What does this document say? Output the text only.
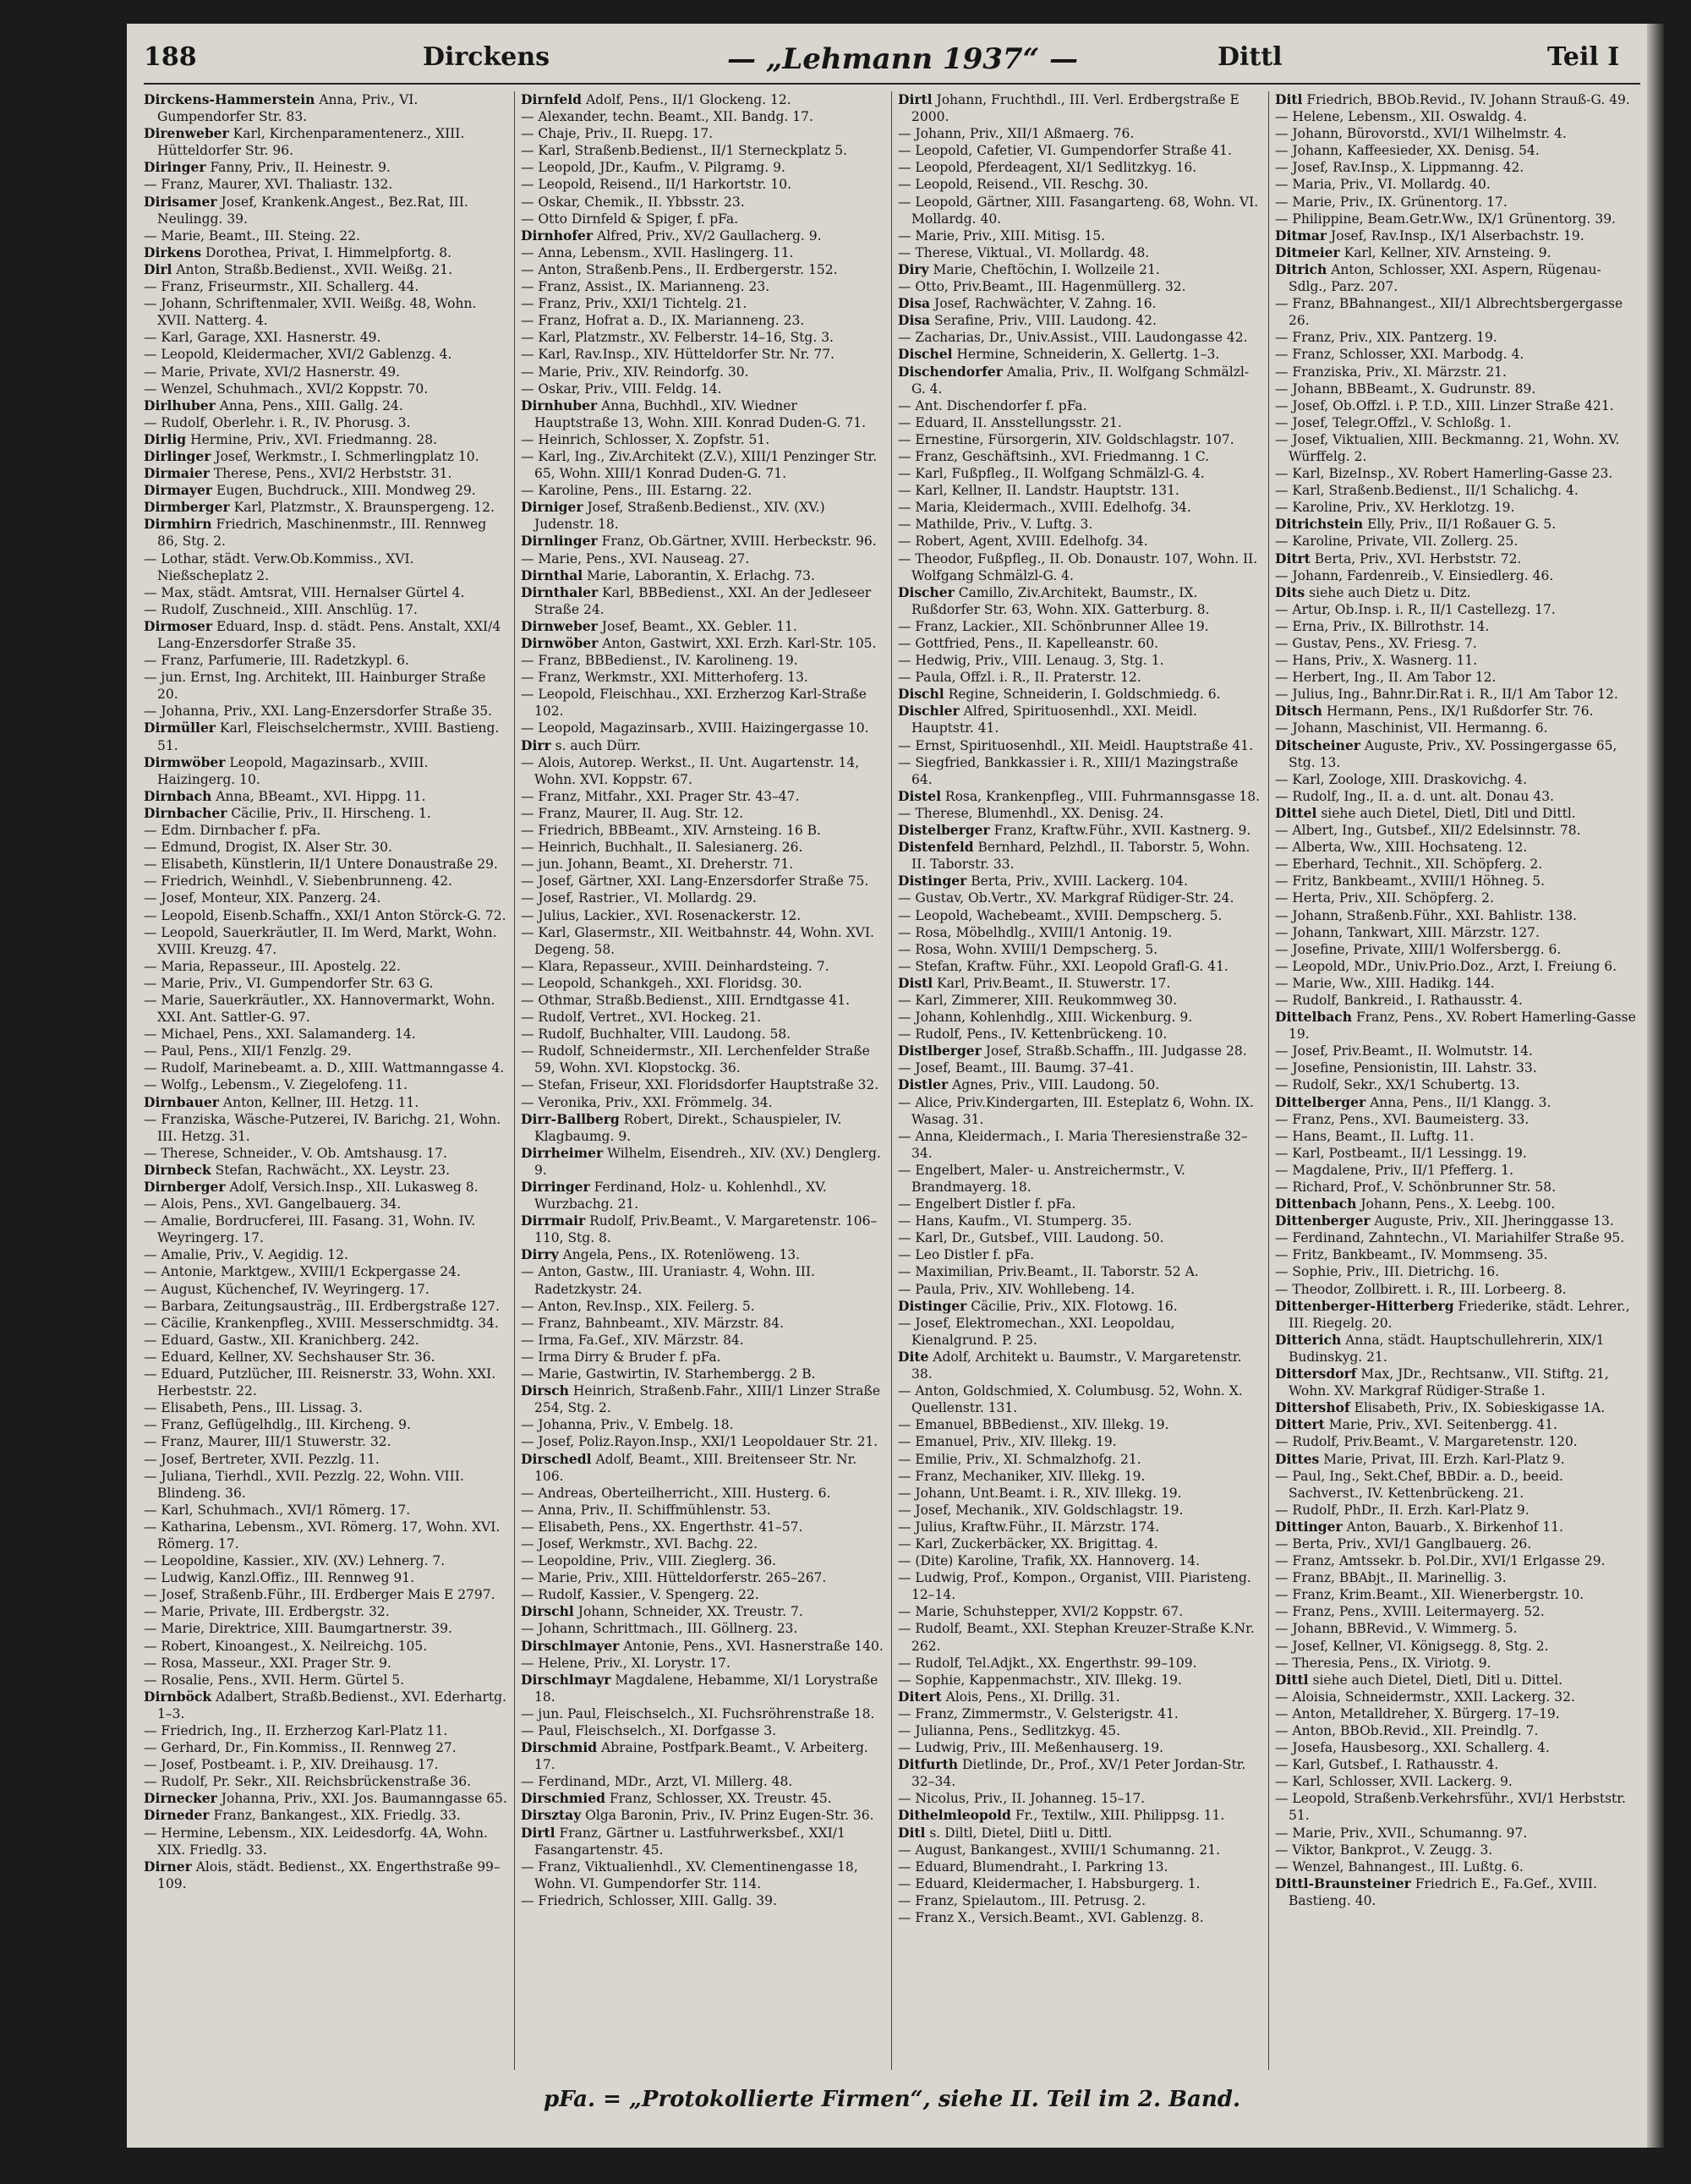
188	Dirckens	— „Lehmann 1937“ —	Dittl	Teil I

Dirckens-Hammerstein Anna, Priv., VI. Gumpendorfer Str. 83.

Direnweber Karl, Kirchenparamentenerz., XIII. Hütteldorfer Str. 96.

Diringer Fanny, Priv., II. Heinestr. 9.

— Franz, Maurer, XVI. Thaliastr. 132.

Dirisamer Josef, Krankenk.Angest., Bez.Rat, III. Neulingg. 39.

— Marie, Beamt., III. Steing. 22.

Dirkens Dorothea, Privat, I. Himmelpfortg. 8.

Dirl Anton, Straßb.Bedienst., XVII. Weißg. 21.

— Franz, Friseurmstr., XII. Schallerg. 44.

— Johann, Schriftenmaler, XVII. Weißg. 48, Wohn. XVII. Natterg. 4.

— Karl, Garage, XXI. Hasnerstr. 49.

— Leopold, Kleidermacher, XVI/2 Gablenzg. 4.

— Marie, Private, XVI/2 Hasnerstr. 49.

— Wenzel, Schuhmach., XVI/2 Koppstr. 70.

Dirlhuber Anna, Pens., XIII. Gallg. 24.

— Rudolf, Oberlehr. i. R., IV. Phorusg. 3.

Dirlig Hermine, Priv., XVI. Friedmanng. 28.

Dirlinger Josef, Werkmstr., I. Schmerlingplatz 10.

Dirmaier Therese, Pens., XVI/2 Herbststr. 31.

Dirmayer Eugen, Buchdruck., XIII. Mondweg 29.

Dirmberger Karl, Platzmstr., X. Braunspergeng. 12.

Dirmhirn Friedrich, Maschinenmstr., III. Rennweg 86, Stg. 2.

— Lothar, städt. Verw.Ob.Kommiss., XVI. Nießscheplatz 2.

— Max, städt. Amtsrat, VIII. Hernalser Gürtel 4.

— Rudolf, Zuschneid., XIII. Anschlüg. 17.

Dirmoser Eduard, Insp. d. städt. Pens. Anstalt, XXI/4 Lang-Enzersdorfer Straße 35.

— Franz, Parfumerie, III. Radetzkypl. 6.

— jun. Ernst, Ing. Architekt, III. Hainburger Straße 20.

— Johanna, Priv., XXI. Lang-Enzersdorfer Straße 35.

Dirmüller Karl, Fleischselchermstr., XVIII. Bastieng. 51.

Dirmwöber Leopold, Magazinsarb., XVIII. Haizingerg. 10.

Dirnbach Anna, BBeamt., XVI. Hippg. 11.

Dirnbacher Cäcilie, Priv., II. Hirscheng. 1.

— Edm. Dirnbacher f. pFa.

— Edmund, Drogist, IX. Alser Str. 30.

— Elisabeth, Künstlerin, II/1 Untere Donaustraße 29.

— Friedrich, Weinhdl., V. Siebenbrunneng. 42.

— Josef, Monteur, XIX. Panzerg. 24.

— Leopold, Eisenb.Schaffn., XXI/1 Anton Störck-G. 72.

— Leopold, Sauerkräutler, II. Im Werd, Markt, Wohn. XVIII. Kreuzg. 47.

— Maria, Repasseur., III. Apostelg. 22.

— Marie, Priv., VI. Gumpendorfer Str. 63 G.

— Marie, Sauerkräutler., XX. Hannovermarkt, Wohn. XXI. Ant. Sattler-G. 97.

— Michael, Pens., XXI. Salamanderg. 14.

— Paul, Pens., XII/1 Fenzlg. 29.

— Rudolf, Marinebeamt. a. D., XIII. Wattmanngasse 4.

— Wolfg., Lebensm., V. Ziegelofeng. 11.

Dirnbauer Anton, Kellner, III. Hetzg. 11.

— Franziska, Wäsche-Putzerei, IV. Barichg. 21, Wohn. III. Hetzg. 31.

— Therese, Schneider., V. Ob. Amtshausg. 17.

Dirnbeck Stefan, Rachwächt., XX. Leystr. 23.

Dirnberger Adolf, Versich.Insp., XII. Lukasweg 8.

— Alois, Pens., XVI. Gangelbauerg. 34.

— Amalie, Bordrucferei, III. Fasang. 31, Wohn. IV. Weyringerg. 17.

— Amalie, Priv., V. Aegidig. 12.

— Antonie, Marktgew., XVIII/1 Eckpergasse 24.

— August, Küchenchef, IV. Weyringerg. 17.

— Barbara, Zeitungsausträg., III. Erdbergstraße 127.

— Cäcilie, Krankenpfleg., XVIII. Messerschmidtg. 34.

— Eduard, Gastw., XII. Kranichberg. 242.

— Eduard, Kellner, XV. Sechshauser Str. 36.

— Eduard, Putzlücher, III. Reisnerstr. 33, Wohn. XXI. Herbeststr. 22.

— Elisabeth, Pens., III. Lissag. 3.

— Franz, Geflügelhdlg., III. Kircheng. 9.

— Franz, Maurer, III/1 Stuwerstr. 32.

— Josef, Bertreter, XVII. Pezzlg. 11.

— Juliana, Tierhdl., XVII. Pezzlg. 22, Wohn. VIII. Blindeng. 36.

— Karl, Schuhmach., XVI/1 Römerg. 17.

— Katharina, Lebensm., XVI. Römerg. 17, Wohn. XVI. Römerg. 17.

— Leopoldine, Kassier., XIV. (XV.) Lehnerg. 7.

— Ludwig, Kanzl.Offiz., III. Rennweg 91.

— Josef, Straßenb.Führ., III. Erdberger Mais E 2797.

— Marie, Private, III. Erdbergstr. 32.

— Marie, Direktrice, XIII. Baumgartnerstr. 39.

— Robert, Kinoangest., X. Neilreichg. 105.

— Rosa, Masseur., XXI. Prager Str. 9.

— Rosalie, Pens., XVII. Herm. Gürtel 5.

Dirnböck Adalbert, Straßb.Bedienst., XVI. Ederhartg. 1–3.

— Friedrich, Ing., II. Erzherzog Karl-Platz 11.

— Gerhard, Dr., Fin.Kommiss., II. Rennweg 27.

— Josef, Postbeamt. i. P., XIV. Dreihausg. 17.

— Rudolf, Pr. Sekr., XII. Reichsbrückenstraße 36.

Dirnecker Johanna, Priv., XXI. Jos. Baumanngasse 65.

Dirneder Franz, Bankangest., XIX. Friedlg. 33.

— Hermine, Lebensm., XIX. Leidesdorfg. 4A, Wohn. XIX. Friedlg. 33.

Dirner Alois, städt. Bedienst., XX. Engerthstraße 99–109.

Dirnfeld Adolf, Pens., II/1 Glockeng. 12.

— Alexander, techn. Beamt., XII. Bandg. 17.

— Chaje, Priv., II. Ruepg. 17.

— Karl, Straßenb.Bedienst., II/1 Sterneckplatz 5.

— Leopold, JDr., Kaufm., V. Pilgramg. 9.

— Leopold, Reisend., II/1 Harkortstr. 10.

— Oskar, Chemik., II. Ybbsstr. 23.

— Otto Dirnfeld & Spiger, f. pFa.

Dirnhofer Alfred, Priv., XV/2 Gaullacherg. 9.

— Anna, Lebensm., XVII. Haslingerg. 11.

— Anton, Straßenb.Pens., II. Erdbergerstr. 152.

— Franz, Assist., IX. Marianneng. 23.

— Franz, Priv., XXI/1 Tichtelg. 21.

— Franz, Hofrat a. D., IX. Marianneng. 23.

— Karl, Platzmstr., XV. Felberstr. 14–16, Stg. 3.

— Karl, Rav.Insp., XIV. Hütteldorfer Str. Nr. 77.

— Marie, Priv., XIV. Reindorfg. 30.

— Oskar, Priv., VIII. Feldg. 14.

Dirnhuber Anna, Buchhdl., XIV. Wiedner Hauptstraße 13, Wohn. XIII. Konrad Duden-G. 71.

— Heinrich, Schlosser, X. Zopfstr. 51.

— Karl, Ing., Ziv.Architekt (Z.V.), XIII/1 Penzinger Str. 65, Wohn. XIII/1 Konrad Duden-G. 71.

— Karoline, Pens., III. Estarng. 22.

Dirniger Josef, Straßenb.Bedienst., XIV. (XV.) Judenstr. 18.

Dirnlinger Franz, Ob.Gärtner, XVIII. Herbeckstr. 96.

— Marie, Pens., XVI. Nauseag. 27.

Dirnthal Marie, Laborantin, X. Erlachg. 73.

Dirnthaler Karl, BBBedienst., XXI. An der Jedleseer Straße 24.

Dirnweber Josef, Beamt., XX. Gebler. 11.

Dirnwöber Anton, Gastwirt, XXI. Erzh. Karl-Str. 105.

— Franz, BBBedienst., IV. Karolineng. 19.

— Franz, Werkmstr., XXI. Mitterhoferg. 13.

— Leopold, Fleischhau., XXI. Erzherzog Karl-Straße 102.

— Leopold, Magazinsarb., XVIII. Haizingergasse 10.

Dirr s. auch Dürr.

— Alois, Autorep. Werkst., II. Unt. Augartenstr. 14, Wohn. XVI. Koppstr. 67.

— Franz, Mitfahr., XXI. Prager Str. 43–47.

— Franz, Maurer, II. Aug. Str. 12.

— Friedrich, BBBeamt., XIV. Arnsteing. 16 B.

— Heinrich, Buchhalt., II. Salesianerg. 26.

— jun. Johann, Beamt., XI. Dreherstr. 71.

— Josef, Gärtner, XXI. Lang-Enzersdorfer Straße 75.

— Josef, Rastrier., VI. Mollardg. 29.

— Julius, Lackier., XVI. Rosenackerstr. 12.

— Karl, Glasermstr., XII. Weitbahnstr. 44, Wohn. XVI. Degeng. 58.

— Klara, Repasseur., XVIII. Deinhardsteing. 7.

— Leopold, Schankgeh., XXI. Floridsg. 30.

— Othmar, Straßb.Bedienst., XIII. Erndtgasse 41.

— Rudolf, Vertret., XVI. Hockeg. 21.

— Rudolf, Buchhalter, VIII. Laudong. 58.

— Rudolf, Schneidermstr., XII. Lerchenfelder Straße 59, Wohn. XVI. Klopstockg. 36.

— Stefan, Friseur, XXI. Floridsdorfer Hauptstraße 32.

— Veronika, Priv., XXI. Frömmelg. 34.

Dirr-Ballberg Robert, Direkt., Schauspieler, IV. Klagbaumg. 9.

Dirrheimer Wilhelm, Eisendreh., XIV. (XV.) Denglerg. 9.

Dirringer Ferdinand, Holz- u. Kohlenhdl., XV. Wurzbachg. 21.

Dirrmair Rudolf, Priv.Beamt., V. Margaretenstr. 106–110, Stg. 8.

Dirry Angela, Pens., IX. Rotenlöweng. 13.

— Anton, Gastw., III. Uraniastr. 4, Wohn. III. Radetzkystr. 24.

— Anton, Rev.Insp., XIX. Feilerg. 5.

— Franz, Bahnbeamt., XIV. Märzstr. 84.

— Irma, Fa.Gef., XIV. Märzstr. 84.

— Irma Dirry & Bruder f. pFa.

— Marie, Gastwirtin, IV. Starhembergg. 2 B.

Dirsch Heinrich, Straßenb.Fahr., XIII/1 Linzer Straße 254, Stg. 2.

— Johanna, Priv., V. Embelg. 18.

— Josef, Poliz.Rayon.Insp., XXI/1 Leopoldauer Str. 21.

Dirschedl Adolf, Beamt., XIII. Breitenseer Str. Nr. 106.

— Andreas, Oberteilherricht., XIII. Husterg. 6.

— Anna, Priv., II. Schiffmühlenstr. 53.

— Elisabeth, Pens., XX. Engerthstr. 41–57.

— Josef, Werkmstr., XVI. Bachg. 22.

— Leopoldine, Priv., VIII. Zieglerg. 36.

— Marie, Priv., XIII. Hütteldorferstr. 265–267.

— Rudolf, Kassier., V. Spengerg. 22.

Dirschl Johann, Schneider, XX. Treustr. 7.

— Johann, Schrittmach., III. Göllnerg. 23.

Dirschlmayer Antonie, Pens., XVI. Hasnerstraße 140.

— Helene, Priv., XI. Lorystr. 17.

Dirschlmayr Magdalene, Hebamme, XI/1 Lorystraße 18.

— jun. Paul, Fleischselch., XI. Fuchsröhrenstraße 18.

— Paul, Fleischselch., XI. Dorfgasse 3.

Dirschmid Abraine, Postfpark.Beamt., V. Arbeiterg. 17.

— Ferdinand, MDr., Arzt, VI. Millerg. 48.

Dirschmied Franz, Schlosser, XX. Treustr. 45.

Dirsztay Olga Baronin, Priv., IV. Prinz Eugen-Str. 36.

Dirtl Franz, Gärtner u. Lastfuhrwerksbef., XXI/1 Fasangartenstr. 45.

— Franz, Viktualienhdl., XV. Clementinengasse 18, Wohn. VI. Gumpendorfer Str. 114.

— Friedrich, Schlosser, XIII. Gallg. 39.

Dirtl Johann, Fruchthdl., III. Verl. Erdbergstraße E 2000.

— Johann, Priv., XII/1 Aßmaerg. 76.

— Leopold, Cafetier, VI. Gumpendorfer Straße 41.

— Leopold, Pferdeagent, XI/1 Sedlitzkyg. 16.

— Leopold, Reisend., VII. Reschg. 30.

— Leopold, Gärtner, XIII. Fasangarteng. 68, Wohn. VI. Mollardg. 40.

— Marie, Priv., XIII. Mitisg. 15.

— Therese, Viktual., VI. Mollardg. 48.

Diry Marie, Cheftöchin, I. Wollzeile 21.

— Otto, Priv.Beamt., III. Hagenmüllerg. 32.

Disa Josef, Rachwächter, V. Zahng. 16.

Disa Serafine, Priv., VIII. Laudong. 42.

— Zacharias, Dr., Univ.Assist., VIII. Laudongasse 42.

Dischel Hermine, Schneiderin, X. Gellertg. 1–3.

Dischendorfer Amalia, Priv., II. Wolfgang Schmälzl-G. 4.

— Ant. Dischendorfer f. pFa.

— Eduard, II. Ansstellungsstr. 21.

— Ernestine, Fürsorgerin, XIV. Goldschlagstr. 107.

— Franz, Geschäftsinh., XVI. Friedmanng. 1 C.

— Karl, Fußpfleg., II. Wolfgang Schmälzl-G. 4.

— Karl, Kellner, II. Landstr. Hauptstr. 131.

— Maria, Kleidermach., XVIII. Edelhofg. 34.

— Mathilde, Priv., V. Luftg. 3.

— Robert, Agent, XVIII. Edelhofg. 34.

— Theodor, Fußpfleg., II. Ob. Donaustr. 107, Wohn. II. Wolfgang Schmälzl-G. 4.

Discher Camillo, Ziv.Architekt, Baumstr., IX. Rußdorfer Str. 63, Wohn. XIX. Gatterburg. 8.

— Franz, Lackier., XII. Schönbrunner Allee 19.

— Gottfried, Pens., II. Kapelleanstr. 60.

— Hedwig, Priv., VIII. Lenaug. 3, Stg. 1.

— Paula, Offzl. i. R., II. Praterstr. 12.

Dischl Regine, Schneiderin, I. Goldschmiedg. 6.

Dischler Alfred, Spirituosenhdl., XXI. Meidl. Hauptstr. 41.

— Ernst, Spirituosenhdl., XII. Meidl. Hauptstraße 41.

— Siegfried, Bankkassier i. R., XIII/1 Mazingstraße 64.

Distel Rosa, Krankenpfleg., VIII. Fuhrmannsgasse 18.

— Therese, Blumenhdl., XX. Denisg. 24.

Distelberger Franz, Kraftw.Führ., XVII. Kastnerg. 9.

Distenfeld Bernhard, Pelzhdl., II. Taborstr. 5, Wohn. II. Taborstr. 33.

Distinger Berta, Priv., XVIII. Lackerg. 104.

— Gustav, Ob.Vertr., XV. Markgraf Rüdiger-Str. 24.

— Leopold, Wachebeamt., XVIII. Dempscherg. 5.

— Rosa, Möbelhdlg., XVIII/1 Antonig. 19.

— Rosa, Wohn. XVIII/1 Dempscherg. 5.

— Stefan, Kraftw. Führ., XXI. Leopold Grafl-G. 41.

Distl Karl, Priv.Beamt., II. Stuwerstr. 17.

— Karl, Zimmerer, XIII. Reukommweg 30.

— Johann, Kohlenhdlg., XIII. Wickenburg. 9.

— Rudolf, Pens., IV. Kettenbrückeng. 10.

Distlberger Josef, Straßb.Schaffn., III. Judgasse 28.

— Josef, Beamt., III. Baumg. 37–41.

Distler Agnes, Priv., VIII. Laudong. 50.

— Alice, Priv.Kindergarten, III. Esteplatz 6, Wohn. IX. Wasag. 31.

— Anna, Kleidermach., I. Maria Theresienstraße 32–34.

— Engelbert, Maler- u. Anstreichermstr., V. Brandmayerg. 18.

— Engelbert Distler f. pFa.

— Hans, Kaufm., VI. Stumperg. 35.

— Karl, Dr., Gutsbef., VIII. Laudong. 50.

— Leo Distler f. pFa.

— Maximilian, Priv.Beamt., II. Taborstr. 52 A.

— Paula, Priv., XIV. Wohllebeng. 14.

Distinger Cäcilie, Priv., XIX. Flotowg. 16.

— Josef, Elektromechan., XXI. Leopoldau, Kienalgrund. P. 25.

Dite Adolf, Architekt u. Baumstr., V. Margaretenstr. 38.

— Anton, Goldschmied, X. Columbusg. 52, Wohn. X. Quellenstr. 131.

— Emanuel, BBBedienst., XIV. Illekg. 19.

— Emanuel, Priv., XIV. Illekg. 19.

— Emilie, Priv., XI. Schmalzhofg. 21.

— Franz, Mechaniker, XIV. Illekg. 19.

— Johann, Unt.Beamt. i. R., XIV. Illekg. 19.

— Josef, Mechanik., XIV. Goldschlagstr. 19.

— Julius, Kraftw.Führ., II. Märzstr. 174.

— Karl, Zuckerbäcker, XX. Brigittag. 4.

— (Dite) Karoline, Trafik, XX. Hannoverg. 14.

— Ludwig, Prof., Kompon., Organist, VIII. Piaristeng. 12–14.

— Marie, Schuhstepper, XVI/2 Koppstr. 67.

— Rudolf, Beamt., XXI. Stephan Kreuzer-Straße K.Nr. 262.

— Rudolf, Tel.Adjkt., XX. Engerthstr. 99–109.

— Sophie, Kappenmachstr., XIV. Illekg. 19.

Ditert Alois, Pens., XI. Drillg. 31.

— Franz, Zimmermstr., V. Gelsterigstr. 41.

— Julianna, Pens., Sedlitzkyg. 45.

— Ludwig, Priv., III. Meßenhauserg. 19.

Ditfurth Dietlinde, Dr., Prof., XV/1 Peter Jordan-Str. 32–34.

— Nicolus, Priv., II. Johanneg. 15–17.

Dithelmleopold Fr., Textilw., XIII. Philippsg. 11.

Ditl s. Diltl, Dietel, Diitl u. Dittl.

— August, Bankangest., XVIII/1 Schumanng. 21.

— Eduard, Blumendraht., I. Parkring 13.

— Eduard, Kleidermacher, I. Habsburgerg. 1.

— Franz, Spielautom., III. Petrusg. 2.

— Franz X., Versich.Beamt., XVI. Gablenzg. 8.

Ditl Friedrich, BBOb.Revid., IV. Johann Strauß-G. 49.

— Helene, Lebensm., XII. Oswaldg. 4.

— Johann, Bürovorstd., XVI/1 Wilhelmstr. 4.

— Johann, Kaffeesieder, XX. Denisg. 54.

— Josef, Rav.Insp., X. Lippmanng. 42.

— Maria, Priv., VI. Mollardg. 40.

— Marie, Priv., IX. Grünentorg. 17.

— Philippine, Beam.Getr.Ww., IX/1 Grünentorg. 39.

Ditmar Josef, Rav.Insp., IX/1 Alserbachstr. 19.

Ditmeier Karl, Kellner, XIV. Arnsteing. 9.

Ditrich Anton, Schlosser, XXI. Aspern, Rügenau-Sdlg., Parz. 207.

— Franz, BBahnangest., XII/1 Albrechtsbergergasse 26.

— Franz, Priv., XIX. Pantzerg. 19.

— Franz, Schlosser, XXI. Marbodg. 4.

— Franziska, Priv., XI. Märzstr. 21.

— Johann, BBBeamt., X. Gudrunstr. 89.

— Josef, Ob.Offzl. i. P. T.D., XIII. Linzer Straße 421.

— Josef, Telegr.Offzl., V. Schloßg. 1.

— Josef, Viktualien, XIII. Beckmanng. 21, Wohn. XV. Würffelg. 2.

— Karl, BizeInsp., XV. Robert Hamerling-Gasse 23.

— Karl, Straßenb.Bedienst., II/1 Schalichg. 4.

— Karoline, Priv., XV. Herklotzg. 19.

Ditrichstein Elly, Priv., II/1 Roßauer G. 5.

— Karoline, Private, VII. Zollerg. 25.

Ditrt Berta, Priv., XVI. Herbststr. 72.

— Johann, Fardenreib., V. Einsiedlerg. 46.

Dits siehe auch Dietz u. Ditz.

— Artur, Ob.Insp. i. R., II/1 Castellezg. 17.

— Erna, Priv., IX. Billrothstr. 14.

— Gustav, Pens., XV. Friesg. 7.

— Hans, Priv., X. Wasnerg. 11.

— Herbert, Ing., II. Am Tabor 12.

— Julius, Ing., Bahnr.Dir.Rat i. R., II/1 Am Tabor 12.

Ditsch Hermann, Pens., IX/1 Rußdorfer Str. 76.

— Johann, Maschinist, VII. Hermanng. 6.

Ditscheiner Auguste, Priv., XV. Possingergasse 65, Stg. 13.

— Karl, Zoologe, XIII. Draskovichg. 4.

— Rudolf, Ing., II. a. d. unt. alt. Donau 43.

Dittel siehe auch Dietel, Dietl, Ditl und Dittl.

— Albert, Ing., Gutsbef., XII/2 Edelsinnstr. 78.

— Alberta, Ww., XIII. Hochsateng. 12.

— Eberhard, Technit., XII. Schöpferg. 2.

— Fritz, Bankbeamt., XVIII/1 Höhneg. 5.

— Herta, Priv., XII. Schöpferg. 2.

— Johann, Straßenb.Führ., XXI. Bahlistr. 138.

— Johann, Tankwart, XIII. Märzstr. 127.

— Josefine, Private, XIII/1 Wolfersbergg. 6.

— Leopold, MDr., Univ.Prio.Doz., Arzt, I. Freiung 6.

— Marie, Ww., XIII. Hadikg. 144.

— Rudolf, Bankreid., I. Rathausstr. 4.

Dittelbach Franz, Pens., XV. Robert Hamerling-Gasse 19.

— Josef, Priv.Beamt., II. Wolmutstr. 14.

— Josefine, Pensionistin, III. Lahstr. 33.

— Rudolf, Sekr., XX/1 Schubertg. 13.

Dittelberger Anna, Pens., II/1 Klangg. 3.

— Franz, Pens., XVI. Baumeisterg. 33.

— Hans, Beamt., II. Luftg. 11.

— Karl, Postbeamt., II/1 Lessingg. 19.

— Magdalene, Priv., II/1 Pfefferg. 1.

— Richard, Prof., V. Schönbrunner Str. 58.

Dittenbach Johann, Pens., X. Leebg. 100.

Dittenberger Auguste, Priv., XII. Jheringgasse 13.

— Ferdinand, Zahntechn., VI. Mariahilfer Straße 95.

— Fritz, Bankbeamt., IV. Mommseng. 35.

— Sophie, Priv., III. Dietrichg. 16.

— Theodor, Zollbirett. i. R., III. Lorbeerg. 8.

Dittenberger-Hitterberg Friederike, städt. Lehrer., III. Riegelg. 20.

Ditterich Anna, städt. Hauptschullehrerin, XIX/1 Budinskyg. 21.

Dittersdorf Max, JDr., Rechtsanw., VII. Stiftg. 21, Wohn. XV. Markgraf Rüdiger-Straße 1.

Dittershof Elisabeth, Priv., IX. Sobieskigasse 1A.

Dittert Marie, Priv., XVI. Seitenbergg. 41.

— Rudolf, Priv.Beamt., V. Margaretenstr. 120.

Dittes Marie, Privat, III. Erzh. Karl-Platz 9.

— Paul, Ing., Sekt.Chef, BBDir. a. D., beeid. Sachverst., IV. Kettenbrückeng. 21.

— Rudolf, PhDr., II. Erzh. Karl-Platz 9.

Dittinger Anton, Bauarb., X. Birkenhof 11.

— Berta, Priv., XVI/1 Ganglbauerg. 26.

— Franz, Amtssekr. b. Pol.Dir., XVI/1 Erlgasse 29.

— Franz, BBAbjt., II. Marinellig. 3.

— Franz, Krim.Beamt., XII. Wienerbergstr. 10.

— Franz, Pens., XVIII. Leitermayerg. 52.

— Johann, BBRevid., V. Wimmerg. 5.

— Josef, Kellner, VI. Königsegg. 8, Stg. 2.

— Theresia, Pens., IX. Viriotg. 9.

Dittl siehe auch Dietel, Dietl, Ditl u. Dittel.

— Aloisia, Schneidermstr., XXII. Lackerg. 32.

— Anton, Metalldreher, X. Bürgerg. 17–19.

— Anton, BBOb.Revid., XII. Preindlg. 7.

— Josefa, Hausbesorg., XXI. Schallerg. 4.

— Karl, Gutsbef., I. Rathausstr. 4.

— Karl, Schlosser, XVII. Lackerg. 9.

— Leopold, Straßenb.Verkehrsführ., XVI/1 Herbststr. 51.

— Marie, Priv., XVII., Schumanng. 97.

— Viktor, Bankprot., V. Zeugg. 3.

— Wenzel, Bahnangest., III. Lußtg. 6.

Dittl-Braunsteiner Friedrich E., Fa.Gef., XVIII. Bastieng. 40.

pFa. = „Protokollierte Firmen“, siehe II. Teil im 2. Band.
